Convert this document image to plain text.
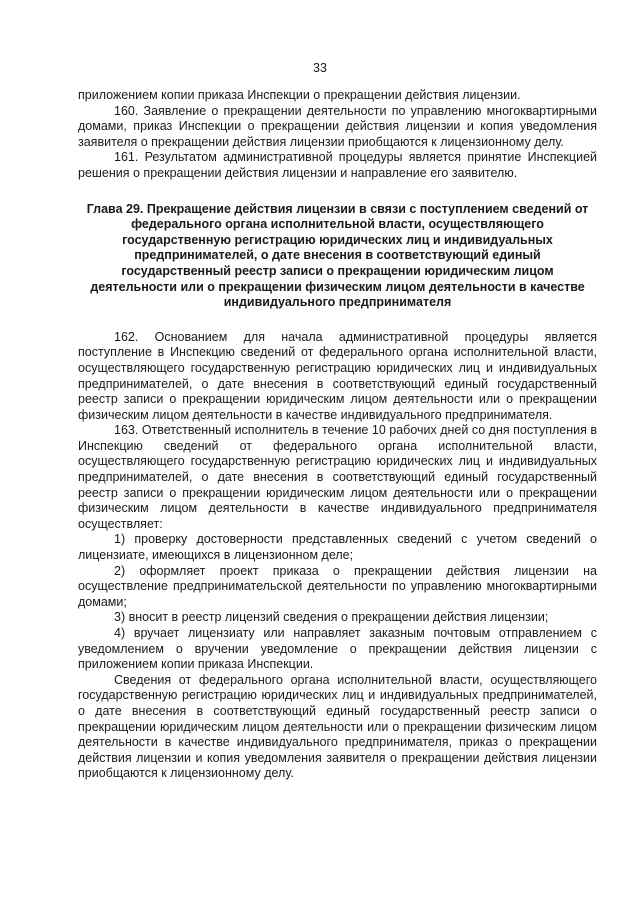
33

приложением копии приказа Инспекции о прекращении действия лицензии.

160. Заявление о прекращении деятельности по управлению многоквартирными домами, приказ Инспекции о прекращении действия лицензии и копия уведомления заявителя о прекращении действия лицензии приобщаются к лицензионному делу.

161. Результатом административной процедуры является принятие Инспекцией решения о прекращении действия лицензии и направление его заявителю.

Глава 29. Прекращение действия лицензии в связи с поступлением сведений от федерального органа исполнительной власти, осуществляющего государственную регистрацию юридических лиц и индивидуальных предпринимателей, о дате внесения в соответствующий единый государственный реестр записи о прекращении юридическим лицом деятельности или о прекращении физическим лицом деятельности в качестве индивидуального предпринимателя

162. Основанием для начала административной процедуры является поступление в Инспекцию сведений от федерального органа исполнительной власти, осуществляющего государственную регистрацию юридических лиц и индивидуальных предпринимателей, о дате внесения в соответствующий единый государственный реестр записи о прекращении юридическим лицом деятельности или о прекращении физическим лицом деятельности в качестве индивидуального предпринимателя.

163. Ответственный исполнитель в течение 10 рабочих дней со дня поступления в Инспекцию сведений от федерального органа исполнительной власти, осуществляющего государственную регистрацию юридических лиц и индивидуальных предпринимателей, о дате внесения в соответствующий единый государственный реестр записи о прекращении юридическим лицом деятельности или о прекращении физическим лицом деятельности в качестве индивидуального предпринимателя осуществляет:

1) проверку достоверности представленных сведений с учетом сведений о лицензиате, имеющихся в лицензионном деле;

2) оформляет проект приказа о прекращении действия лицензии на осуществление предпринимательской деятельности по управлению многоквартирными домами;

3) вносит в реестр лицензий сведения о прекращении действия лицензии;

4) вручает лицензиату или направляет заказным почтовым отправлением с уведомлением о вручении уведомление о прекращении действия лицензии с приложением копии приказа Инспекции.

Сведения от федерального органа исполнительной власти, осуществляющего государственную регистрацию юридических лиц и индивидуальных предпринимателей, о дате внесения в соответствующий единый государственный реестр записи о прекращении юридическим лицом деятельности или о прекращении физическим лицом деятельности в качестве индивидуального предпринимателя, приказ о прекращении действия лицензии и копия уведомления заявителя о прекращении действия лицензии приобщаются к лицензионному делу.
